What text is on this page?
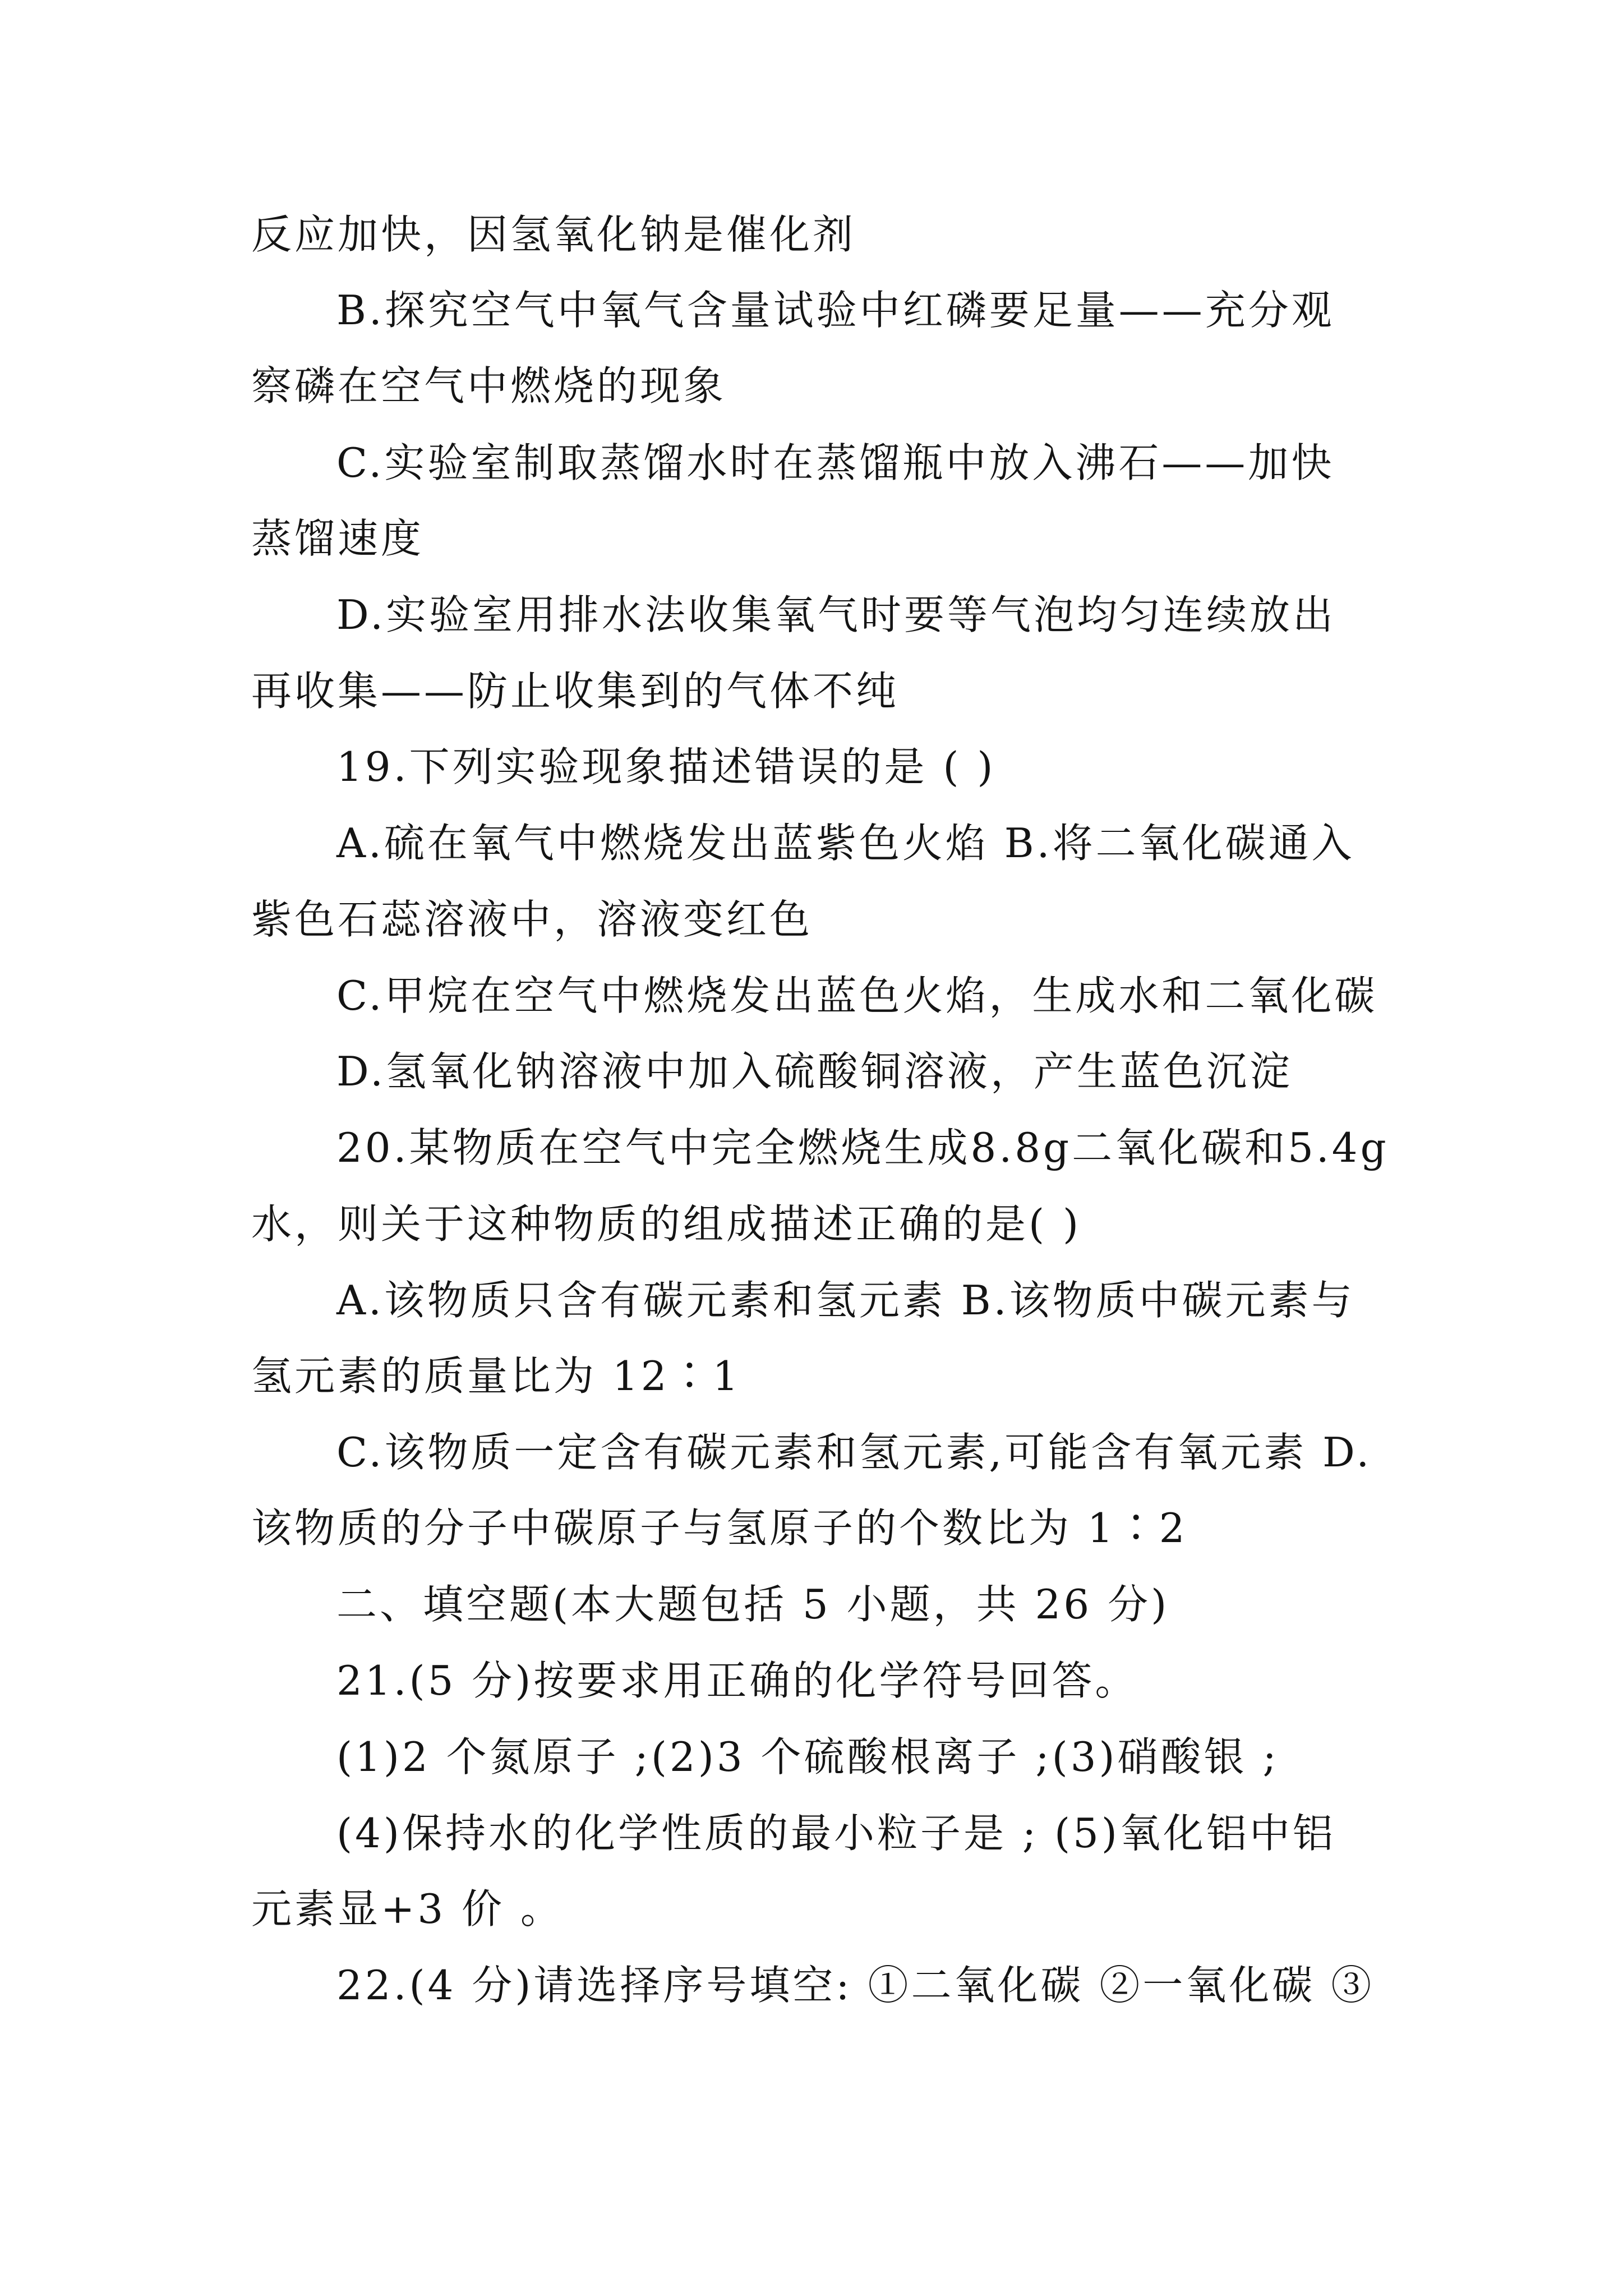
反应加快，因氢氧化钠是催化剂

B.探究空气中氧气含量试验中红磷要足量——充分观

察磷在空气中燃烧的现象

C.实验室制取蒸馏水时在蒸馏瓶中放入沸石——加快

蒸馏速度

D.实验室用排水法收集氧气时要等气泡均匀连续放出

再收集——防止收集到的气体不纯

19.下列实验现象描述错误的是 ( )

A.硫在氧气中燃烧发出蓝紫色火焰 B.将二氧化碳通入

紫色石蕊溶液中，溶液变红色

C.甲烷在空气中燃烧发出蓝色火焰，生成水和二氧化碳

D.氢氧化钠溶液中加入硫酸铜溶液，产生蓝色沉淀

20.某物质在空气中完全燃烧生成8.8g二氧化碳和5.4g

水，则关于这种物质的组成描述正确的是( )

A.该物质只含有碳元素和氢元素 B.该物质中碳元素与

氢元素的质量比为 12∶1

C.该物质一定含有碳元素和氢元素,可能含有氧元素 D.

该物质的分子中碳原子与氢原子的个数比为 1∶2

二、填空题(本大题包括 5 小题，共 26 分)

21.(5 分)按要求用正确的化学符号回答。

(1)2 个氮原子 ;(2)3 个硫酸根离子 ;(3)硝酸银 ;

(4)保持水的化学性质的最小粒子是 ; (5)氧化铝中铝

元素显+3 价 。

22.(4 分)请选择序号填空: ①二氧化碳 ②一氧化碳 ③
